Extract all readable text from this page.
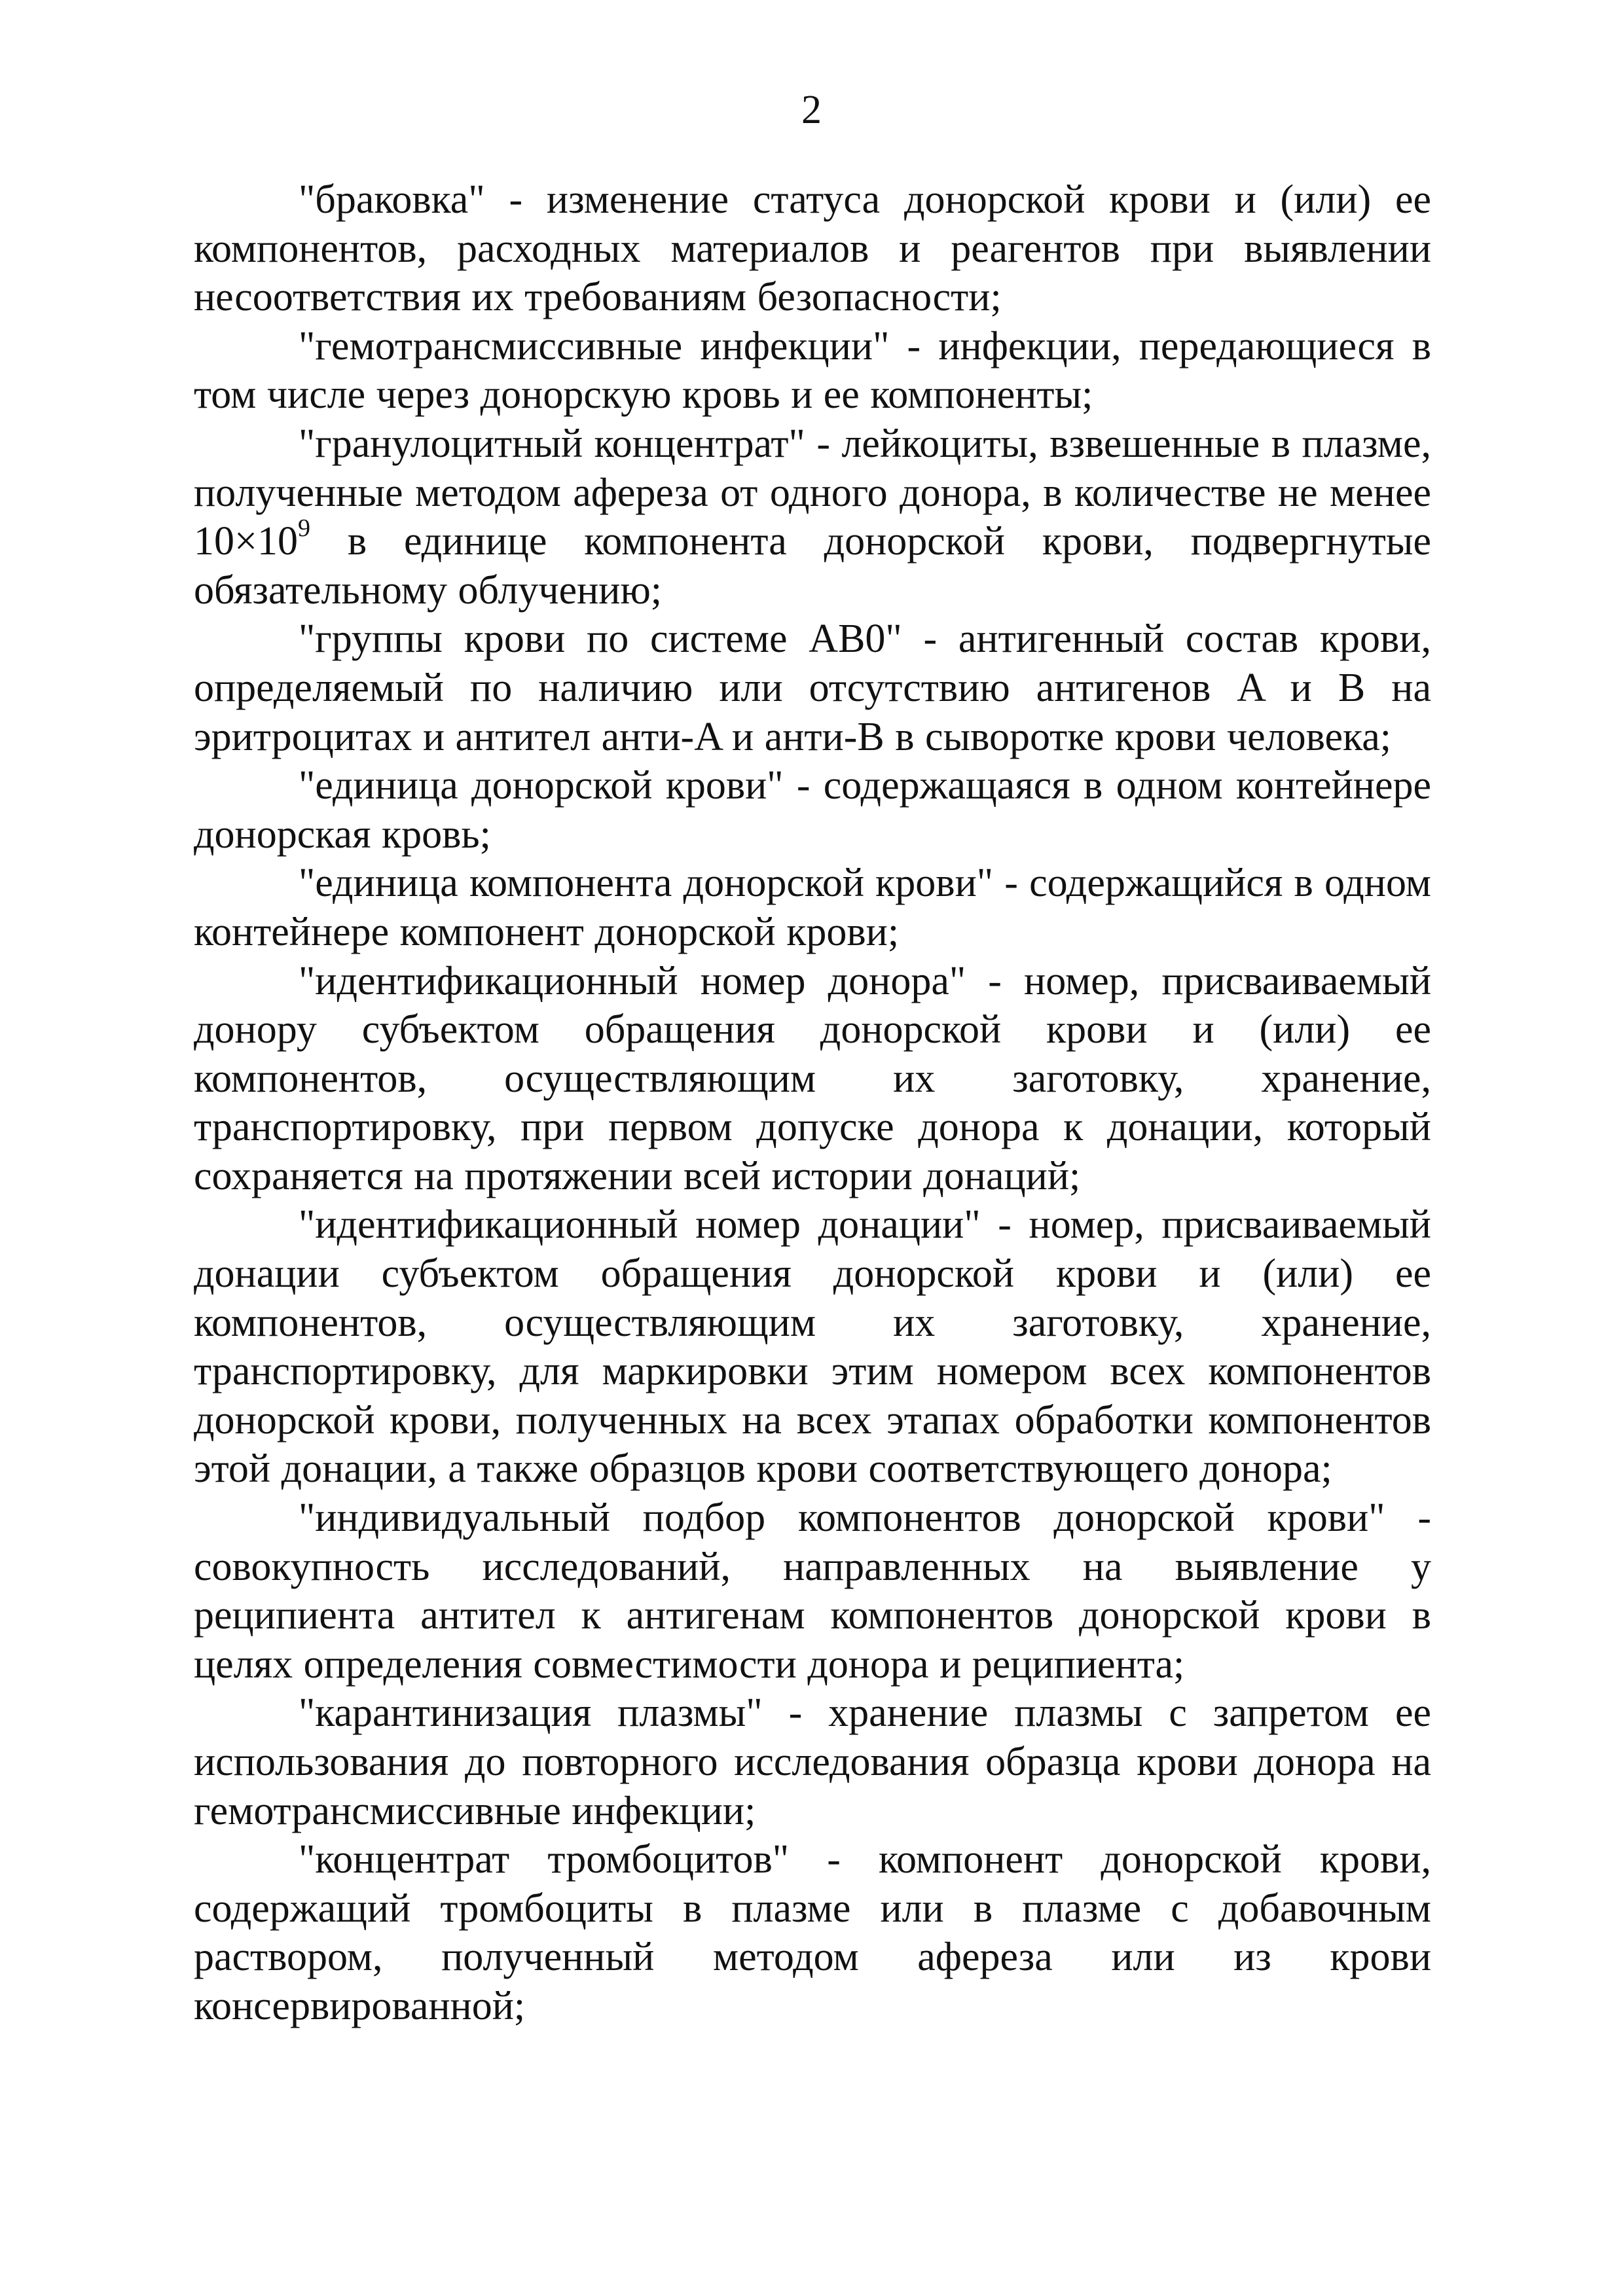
2

"браковка" - изменение статуса донорской крови и (или) ее компонентов, расходных материалов и реагентов при выявлении несоответствия их требованиям безопасности;

"гемотрансмиссивные инфекции" - инфекции, передающиеся в том числе через донорскую кровь и ее компоненты;

"гранулоцитный концентрат" - лейкоциты, взвешенные в плазме, полученные методом афереза от одного донора, в количестве не менее $10\times 10^9$ в единице компонента донорской крови, подвергнутые обязательному облучению;

"группы крови по системе AB0" - антигенный состав крови, определяемый по наличию или отсутствию антигенов A и B на эритроцитах и антител анти-A и анти-B в сыворотке крови человека;

"единица донорской крови" - содержащаяся в одном контейнере донорская кровь;

"единица компонента донорской крови" - содержащийся в одном контейнере компонент донорской крови;

"идентификационный номер донора" - номер, присваиваемый донору субъектом обращения донорской крови и (или) ее компонентов, осуществляющим их заготовку, хранение, транспортировку, при первом допуске донора к донации, который сохраняется на протяжении всей истории донаций;

"идентификационный номер донации" - номер, присваиваемый донации субъектом обращения донорской крови и (или) ее компонентов, осуществляющим их заготовку, хранение, транспортировку, для маркировки этим номером всех компонентов донорской крови, полученных на всех этапах обработки компонентов этой донации, а также образцов крови соответствующего донора;

"индивидуальный подбор компонентов донорской крови" - совокупность исследований, направленных на выявление у реципиента антител к антигенам компонентов донорской крови в целях определения совместимости донора и реципиента;

"карантинизация плазмы" - хранение плазмы с запретом ее использования до повторного исследования образца крови донора на гемотрансмиссивные инфекции;

"концентрат тромбоцитов" - компонент донорской крови, содержащий тромбоциты в плазме или в плазме с добавочным раствором, полученный методом афереза или из крови консервированной;
